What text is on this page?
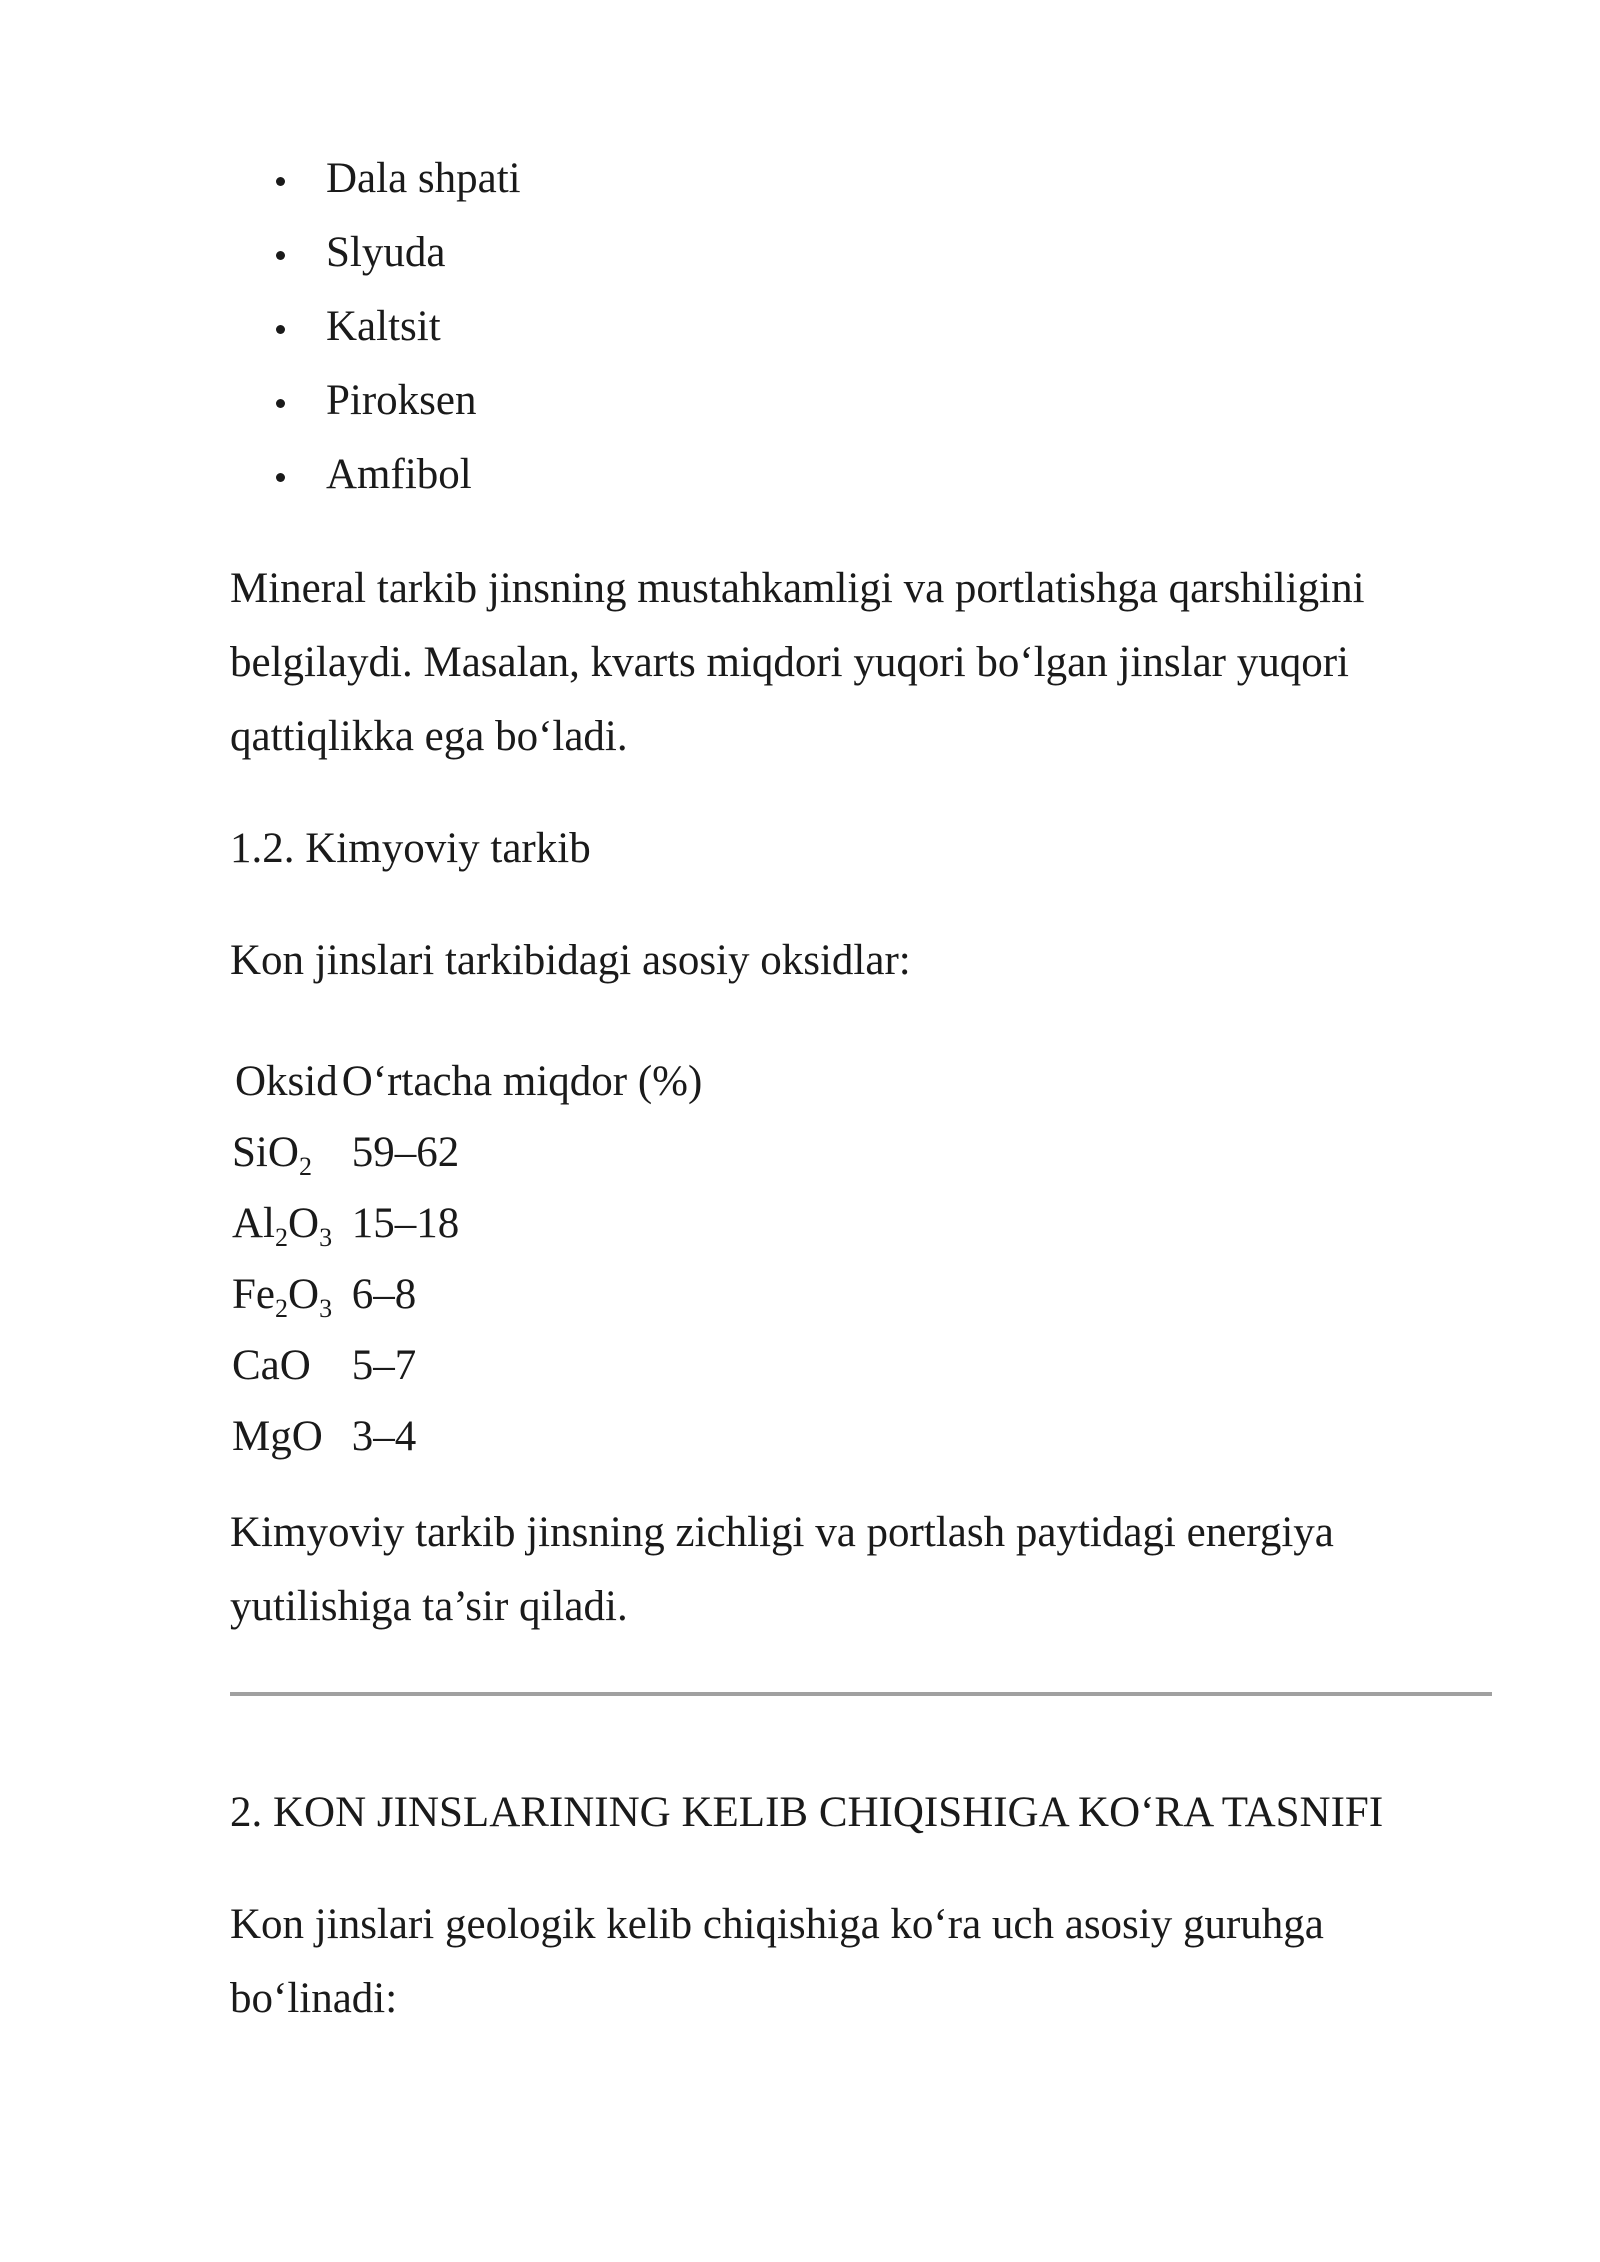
Dala shpati
Slyuda
Kaltsit
Piroksen
Amfibol

Mineral tarkib jinsning mustahkamligi va portlatishga qarshiligini belgilaydi. Masalan, kvarts miqdori yuqori bo‘lgan jinslar yuqori qattiqlikka ega bo‘ladi.

1.2. Kimyoviy tarkib

Kon jinslari tarkibidagi asosiy oksidlar:

Oksid	O‘rtacha miqdor (%)
SiO$_2$	59–62
$Al_2O_3$	15–18
$Fe_2O_3$	6–8
CaO	5–7
MgO	3–4

Kimyoviy tarkib jinsning zichligi va portlash paytidagi energiya yutilishiga ta’sir qiladi.

2. KON JINSLARINING KELIB CHIQISHIGA KO‘RA TASNIFI

Kon jinslari geologik kelib chiqishiga ko‘ra uch asosiy guruhga bo‘linadi:
